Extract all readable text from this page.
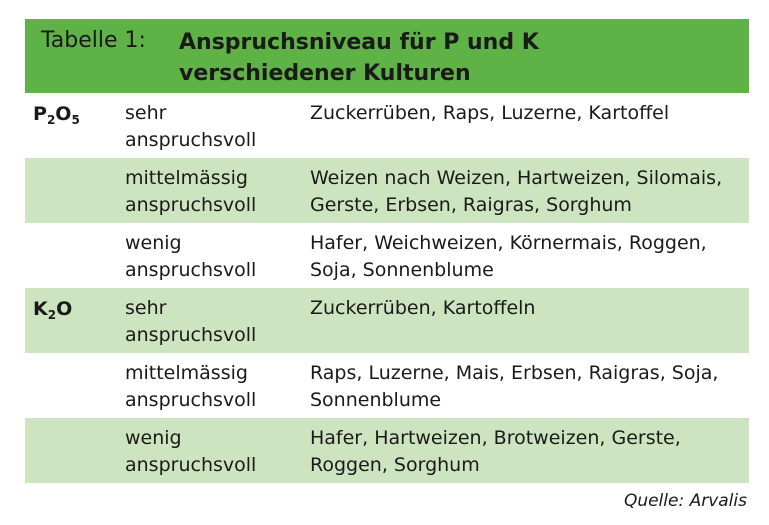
Tabelle 1: Anspruchsniveau für P und K
verschiedener Kulturen
$P_2O_5$ sehr
anspruchsvoll
Zuckerrüben, Raps, Luzerne, Kartoffel
mittelmässig
anspruchsvoll
Weizen nach Weizen, Hartweizen, Silomais,
Gerste, Erbsen, Raigras, Sorghum
wenig
anspruchsvoll
Hafer, Weichweizen, Körnermais, Roggen,
Soja, Sonnenblume
$K_2O$	sehr
anspruchsvoll
Zuckerrüben, Kartoffeln
mittelmässig
anspruchsvoll
Raps, Luzerne, Mais, Erbsen, Raigras, Soja,
Sonnenblume
wenig
anspruchsvoll
Hafer, Hartweizen, Brotweizen, Gerste,
Roggen, Sorghum
Quelle: Arvalis
